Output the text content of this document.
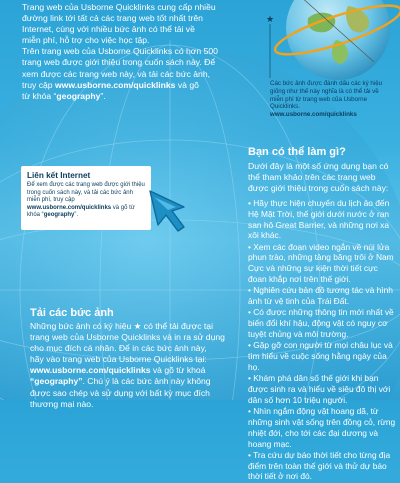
Trang web của Usborne Quicklinks cung cấp nhiều

đường link tới tất cả các trang web tốt nhất trên

Internet, cùng với nhiều bức ảnh có thể tải về

miễn phí, hỗ trợ cho việc học tập.

Trên trang web của Usborne Quicklinks có hơn 500

trang web được giới thiệu trong cuốn sách này. Để

xem được các trang web này, và tải các bức ảnh,

truy cập www.usborne.com/quicklinks và gõ

từ khóa “geography”.

★
Các bức ảnh được đánh dấu các ký hiệu giống như thế này nghĩa là có thể tải về miễn phí từ trang web của Usborne Quicklinks. www.usborne.com/quicklinks
Liên kết Internet
Để xem được các trang web được giới thiệu trong cuốn sách này, và tải các bức ảnh miễn phí, truy cập www.usborne.com/quicklinks và gõ từ khóa “geography”.
Bạn có thể làm gì?
Dưới đây là một số ứng dụng bạn có thể tham khảo trên các trang web được giới thiệu trong cuốn sách này:
• Hãy thực hiện chuyến du lịch ảo đến Hệ Mặt Trời, thế giới dưới nước ở rạn san hô Great Barrier, và những nơi xa xôi khác.
• Xem các đoạn video ngắn về núi lửa phun trào, những tảng băng trôi ở Nam Cực và những sự kiện thời tiết cực đoan khắp nơi trên thế giới.
• Nghiên cứu bản đồ tương tác và hình ảnh từ vệ tinh của Trái Đất.
• Có được những thông tin mới nhất về biến đổi khí hậu, động vật có nguy cơ tuyệt chủng và môi trường.
• Gặp gỡ con người từ mọi châu lục và tìm hiểu về cuộc sống hằng ngày của họ.
• Khám phá dân số thế giới khi bạn được sinh ra và hiểu về siêu đô thị với dân số hơn 10 triệu người.
• Nhìn ngắm động vật hoang dã, từ những sinh vật sống trên đồng cỏ, rừng nhiệt đới, cho tới các đại dương và hoang mạc.
• Tra cứu dự báo thời tiết cho từng địa điểm trên toàn thế giới và thử dự báo thời tiết ở nơi đó.
Tải các bức ảnh
Những bức ảnh có ký hiệu ★ có thể tải được tại
trang web của Usborne Quicklinks và in ra sử dụng
cho mục đích cá nhân. Để in các bức ảnh này,
hãy vào trang web của Usborne Quicklinks tại:
www.usborne.com/quicklinks và gõ từ khoá
“geography”. Chú ý là các bức ảnh này không
được sao chép và sử dụng với bất kỳ mục đích
thương mại nào.
